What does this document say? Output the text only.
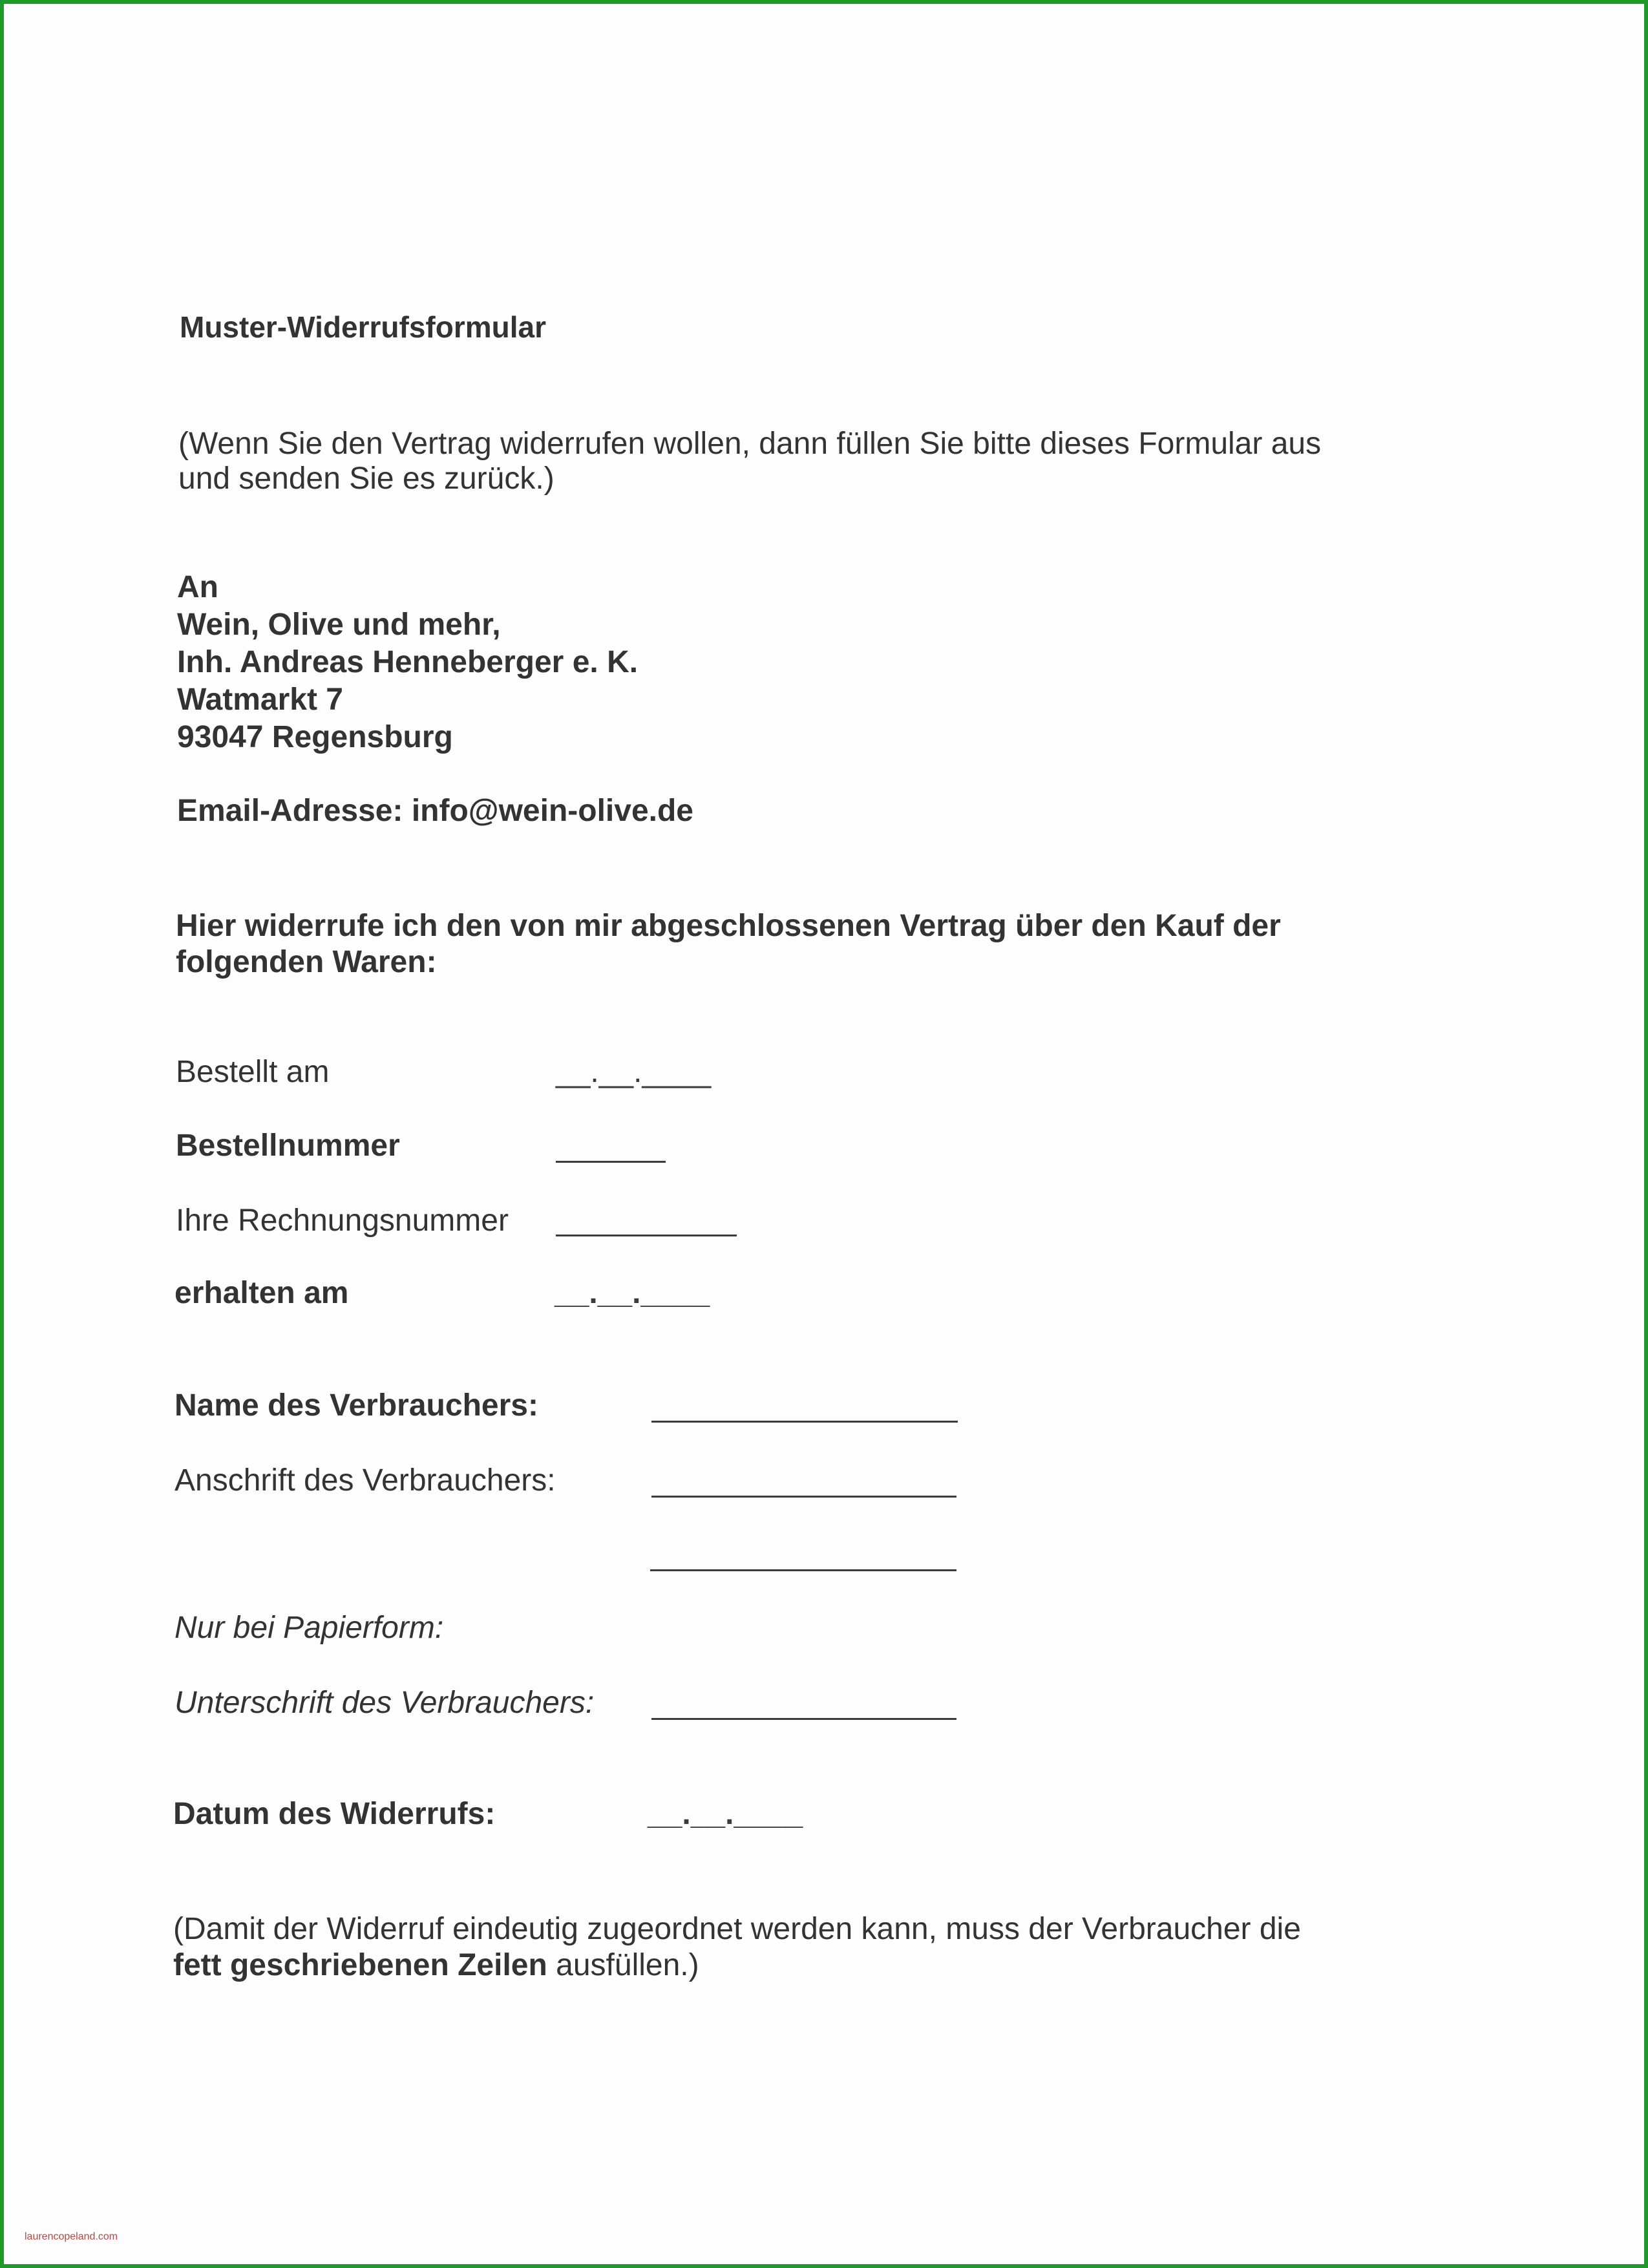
Muster-Widerrufsformular
(Wenn Sie den Vertrag widerrufen wollen, dann füllen Sie bitte dieses Formular aus
und senden Sie es zurück.)
An
Wein, Olive und mehr,
Inh. Andreas Henneberger e. K.
Watmarkt 7
93047 Regensburg
Email-Adresse: info@wein-olive.de
Hier widerrufe ich den von mir abgeschlossenen Vertrag über den Kauf der
folgenden Waren:
Bestellt am	__.__.____
Bestellnummer
Ihre Rechnungsnummer
erhalten am	__.__.____
Name des Verbrauchers:
Anschrift des Verbrauchers:
Nur bei Papierform:
Unterschrift des Verbrauchers:
Datum des Widerrufs:	__.__.____
(Damit der Widerruf eindeutig zugeordnet werden kann, muss der Verbraucher die
fett geschriebenen Zeilen ausfüllen.)
laurencopeland.com
